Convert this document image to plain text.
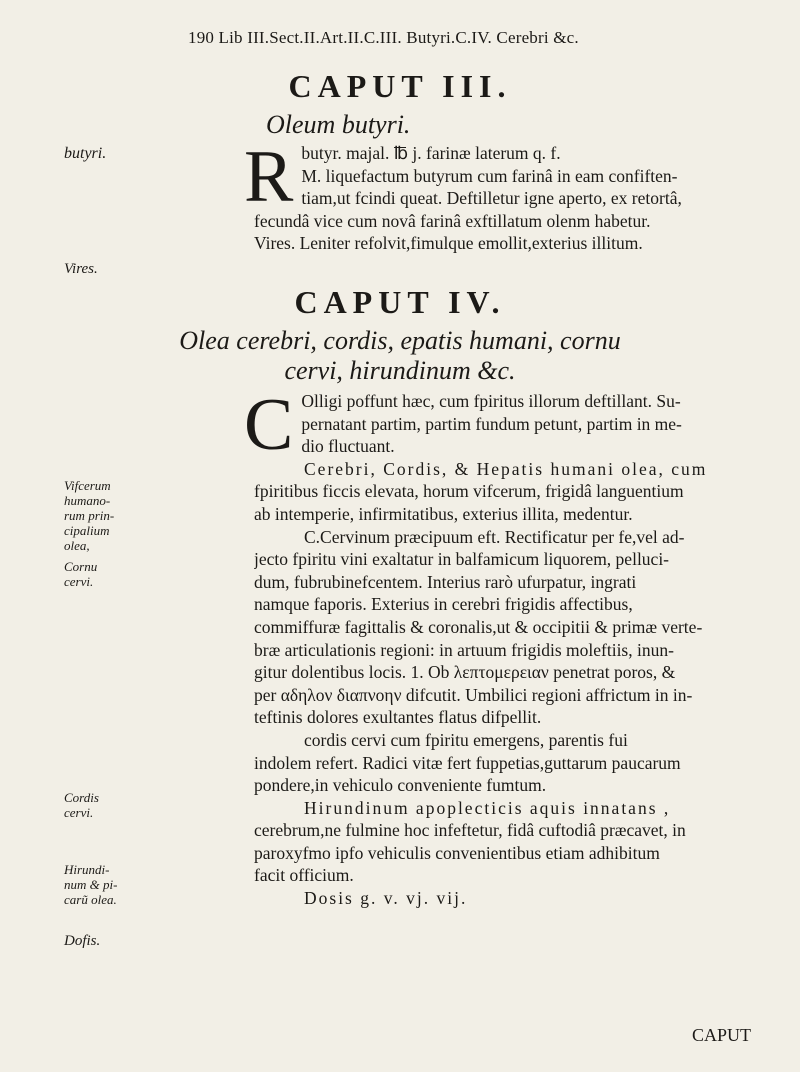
190 Lib III.Sect.II.Art.II.C.III. Butyri.C.IV. Cerebri &c.
CAPUT III.
Oleum butyri.
butyri.
Vires.
R butyr. majal. ℔ j. farinæ laterum q. f.
M. liquefactum butyrum cum farinâ in eam confiften-
tiam,ut fcindi queat. Deftilletur igne aperto, ex retortâ,
fecundâ vice cum novâ farinâ exftillatum olenm habetur.
Vires. Leniter refolvit,fimulque emollit,exterius illitum.
CAPUT IV.
Olea cerebri, cordis, epatis humani, cornu
cervi, hirundinum &c.
C Olligi poffunt hæc, cum fpiritus illorum deftillant. Su-
pernatant partim, partim fundum petunt, partim in me-
dio fluctuant.
Cerebri, Cordis, & Hepatis humani olea, cum
fpiritibus ficcis elevata, horum vifcerum, frigidâ languentium
ab intemperie, infirmitatibus, exterius illita, medentur.
C.Cervinum præcipuum eft. Rectificatur per fe,vel ad-
jecto fpiritu vini exaltatur in balfamicum liquorem, pelluci-
dum, fubrubinefcentem. Interius rarò ufurpatur, ingrati
namque faporis. Exterius in cerebri frigidis affectibus,
commiffuræ fagittalis & coronalis,ut & occipitii & primæ verte-
bræ articulationis regioni: in artuum frigidis moleftiis, inun-
gitur dolentibus locis. 1. Ob λεπτομερειαν penetrat poros, &
per αδηλον διαπνοην difcutit. Umbilici regioni affrictum in in-
teftinis dolores exultantes flatus difpellit.
cordis cervi cum fpiritu emergens, parentis fui
indolem refert. Radici vitæ fert fuppetias,guttarum paucarum
pondere,in vehiculo conveniente fumtum.
Hirundinum apoplecticis aquis innatans ,
cerebrum,ne fulmine hoc infeftetur, fidâ cuftodiâ præcavet, in
paroxyfmo ipfo vehiculis convenientibus etiam adhibitum
facit officium.
Dosis g. v. vj. vij.
Vifcerum
humano-
rum prin-
cipalium
olea,
Cornu
cervi.
Cordis
cervi.
Hirundi-
num & pi-
carũ olea.
Dofis.
CAPUT
